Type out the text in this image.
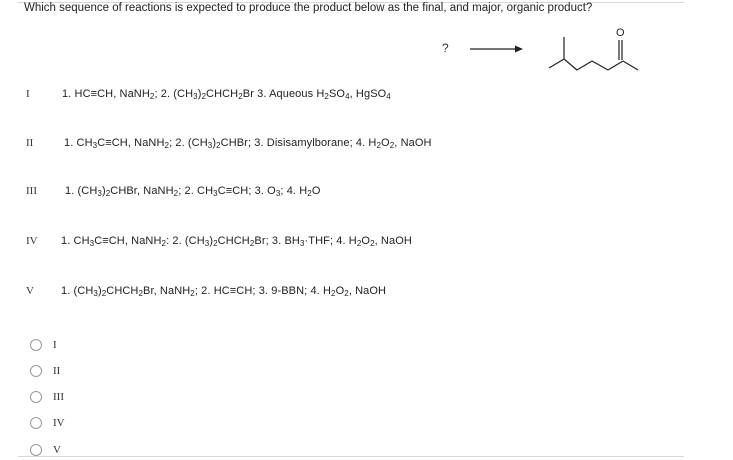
Which sequence of reactions is expected to produce the product below as the final, and major, organic product?
? →
O
I	1. HC≡CH, NaNH$_2$; 2. $(CH_3)_2CHCH_2Br$ 3. Aqueous $H_2SO_4$, HgSO$_4$
II	1. $CH_3C\equiv CH$, NaNH$_2$; 2. $(CH_3)_2CHBr$; 3. Disisamylborane; 4. $H_2O_2$, NaOH
III	1. $(CH_3)_2CHBr$, NaNH$_2$; 2. $CH_3C\equiv CH$; 3. $O_3$; 4. $H_2O$
IV	1. $CH_3C\equiv CH$, NaNH$_2$: 2. $(CH_3)_2CHCH_2Br$; 3. $BH_3\cdot THF$; 4. $H_2O_2$, NaOH
V	1. $(CH_3)_2CHCH_2Br$, NaNH$_2$; 2. HC≡CH; 3. 9-BBN; 4. $H_2O_2$, NaOH
I
II
III
IV
V
